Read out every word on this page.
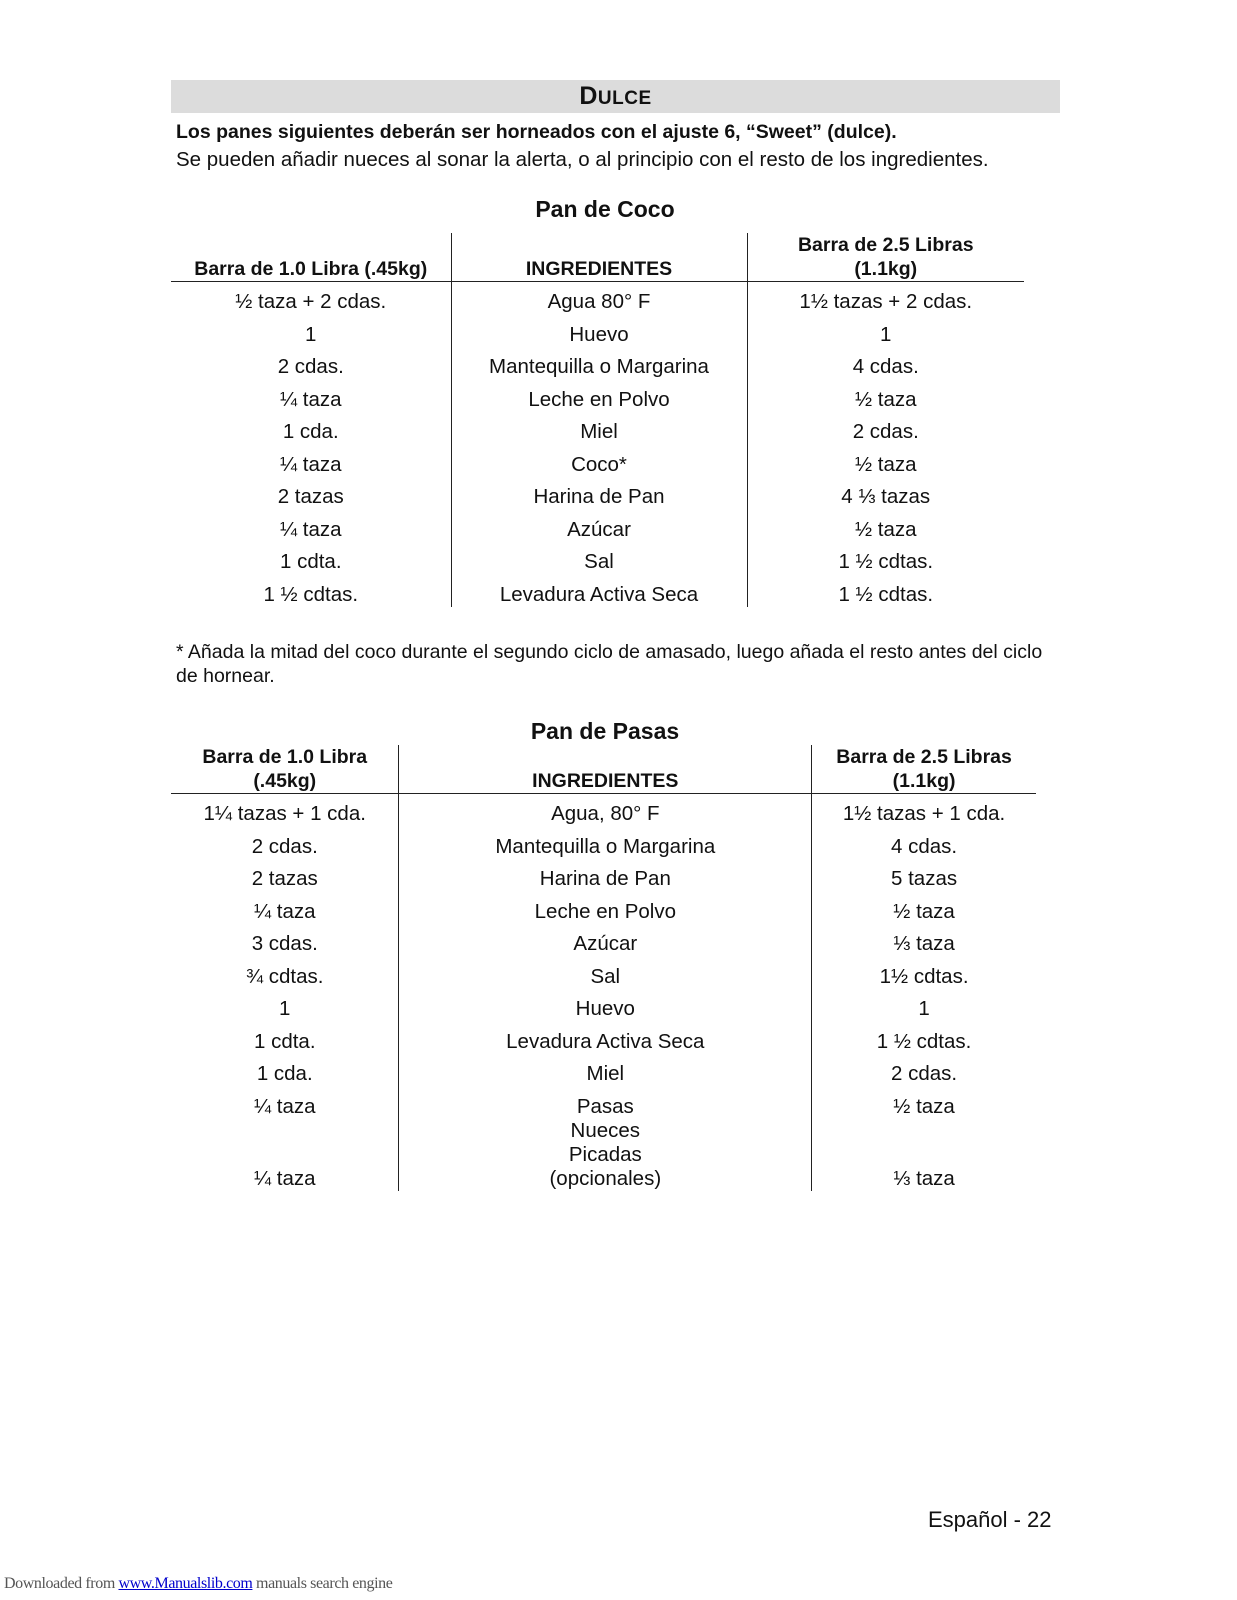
DULCE
Los panes siguientes deberán ser horneados con el ajuste 6, “Sweet” (dulce).
Se pueden añadir nueces al sonar la alerta, o al principio con el resto de los ingredientes.
Pan de Coco
Barra de 1.0 Libra (.45kg)	INGREDIENTES	Barra de 2.5 Libras (1.1kg)
½ taza + 2 cdas.	Agua 80° F	1½ tazas + 2 cdas.
1	Huevo	1
2 cdas.	Mantequilla o Margarina	4 cdas.
¼ taza	Leche en Polvo	½ taza
1 cda.	Miel	2 cdas.
¼ taza	Coco*	½ taza
2 tazas	Harina de Pan	4 ⅓ tazas
¼ taza	Azúcar	½ taza
1 cdta.	Sal	1 ½ cdtas.
1 ½ cdtas.	Levadura Activa Seca	1 ½ cdtas.
* Añada la mitad del coco durante el segundo ciclo de amasado, luego añada el resto antes del ciclo de hornear.
Pan de Pasas
Barra de 1.0 Libra (.45kg)	INGREDIENTES	Barra de 2.5 Libras (1.1kg)
1¼ tazas + 1 cda.	Agua, 80° F	1½ tazas + 1 cda.
2 cdas.	Mantequilla o Margarina	4 cdas.
2 tazas	Harina de Pan	5 tazas
¼ taza	Leche en Polvo	½ taza
3 cdas.	Azúcar	⅓ taza
¾ cdtas.	Sal	1½ cdtas.
1	Huevo	1
1 cdta.	Levadura Activa Seca	1 ½ cdtas.
1 cda.	Miel	2 cdas.
¼ taza	Pasas	½ taza
¼ taza	Nueces Picadas (opcionales)	⅓ taza
Español - 22
Downloaded from www.Manualslib.com manuals search engine
